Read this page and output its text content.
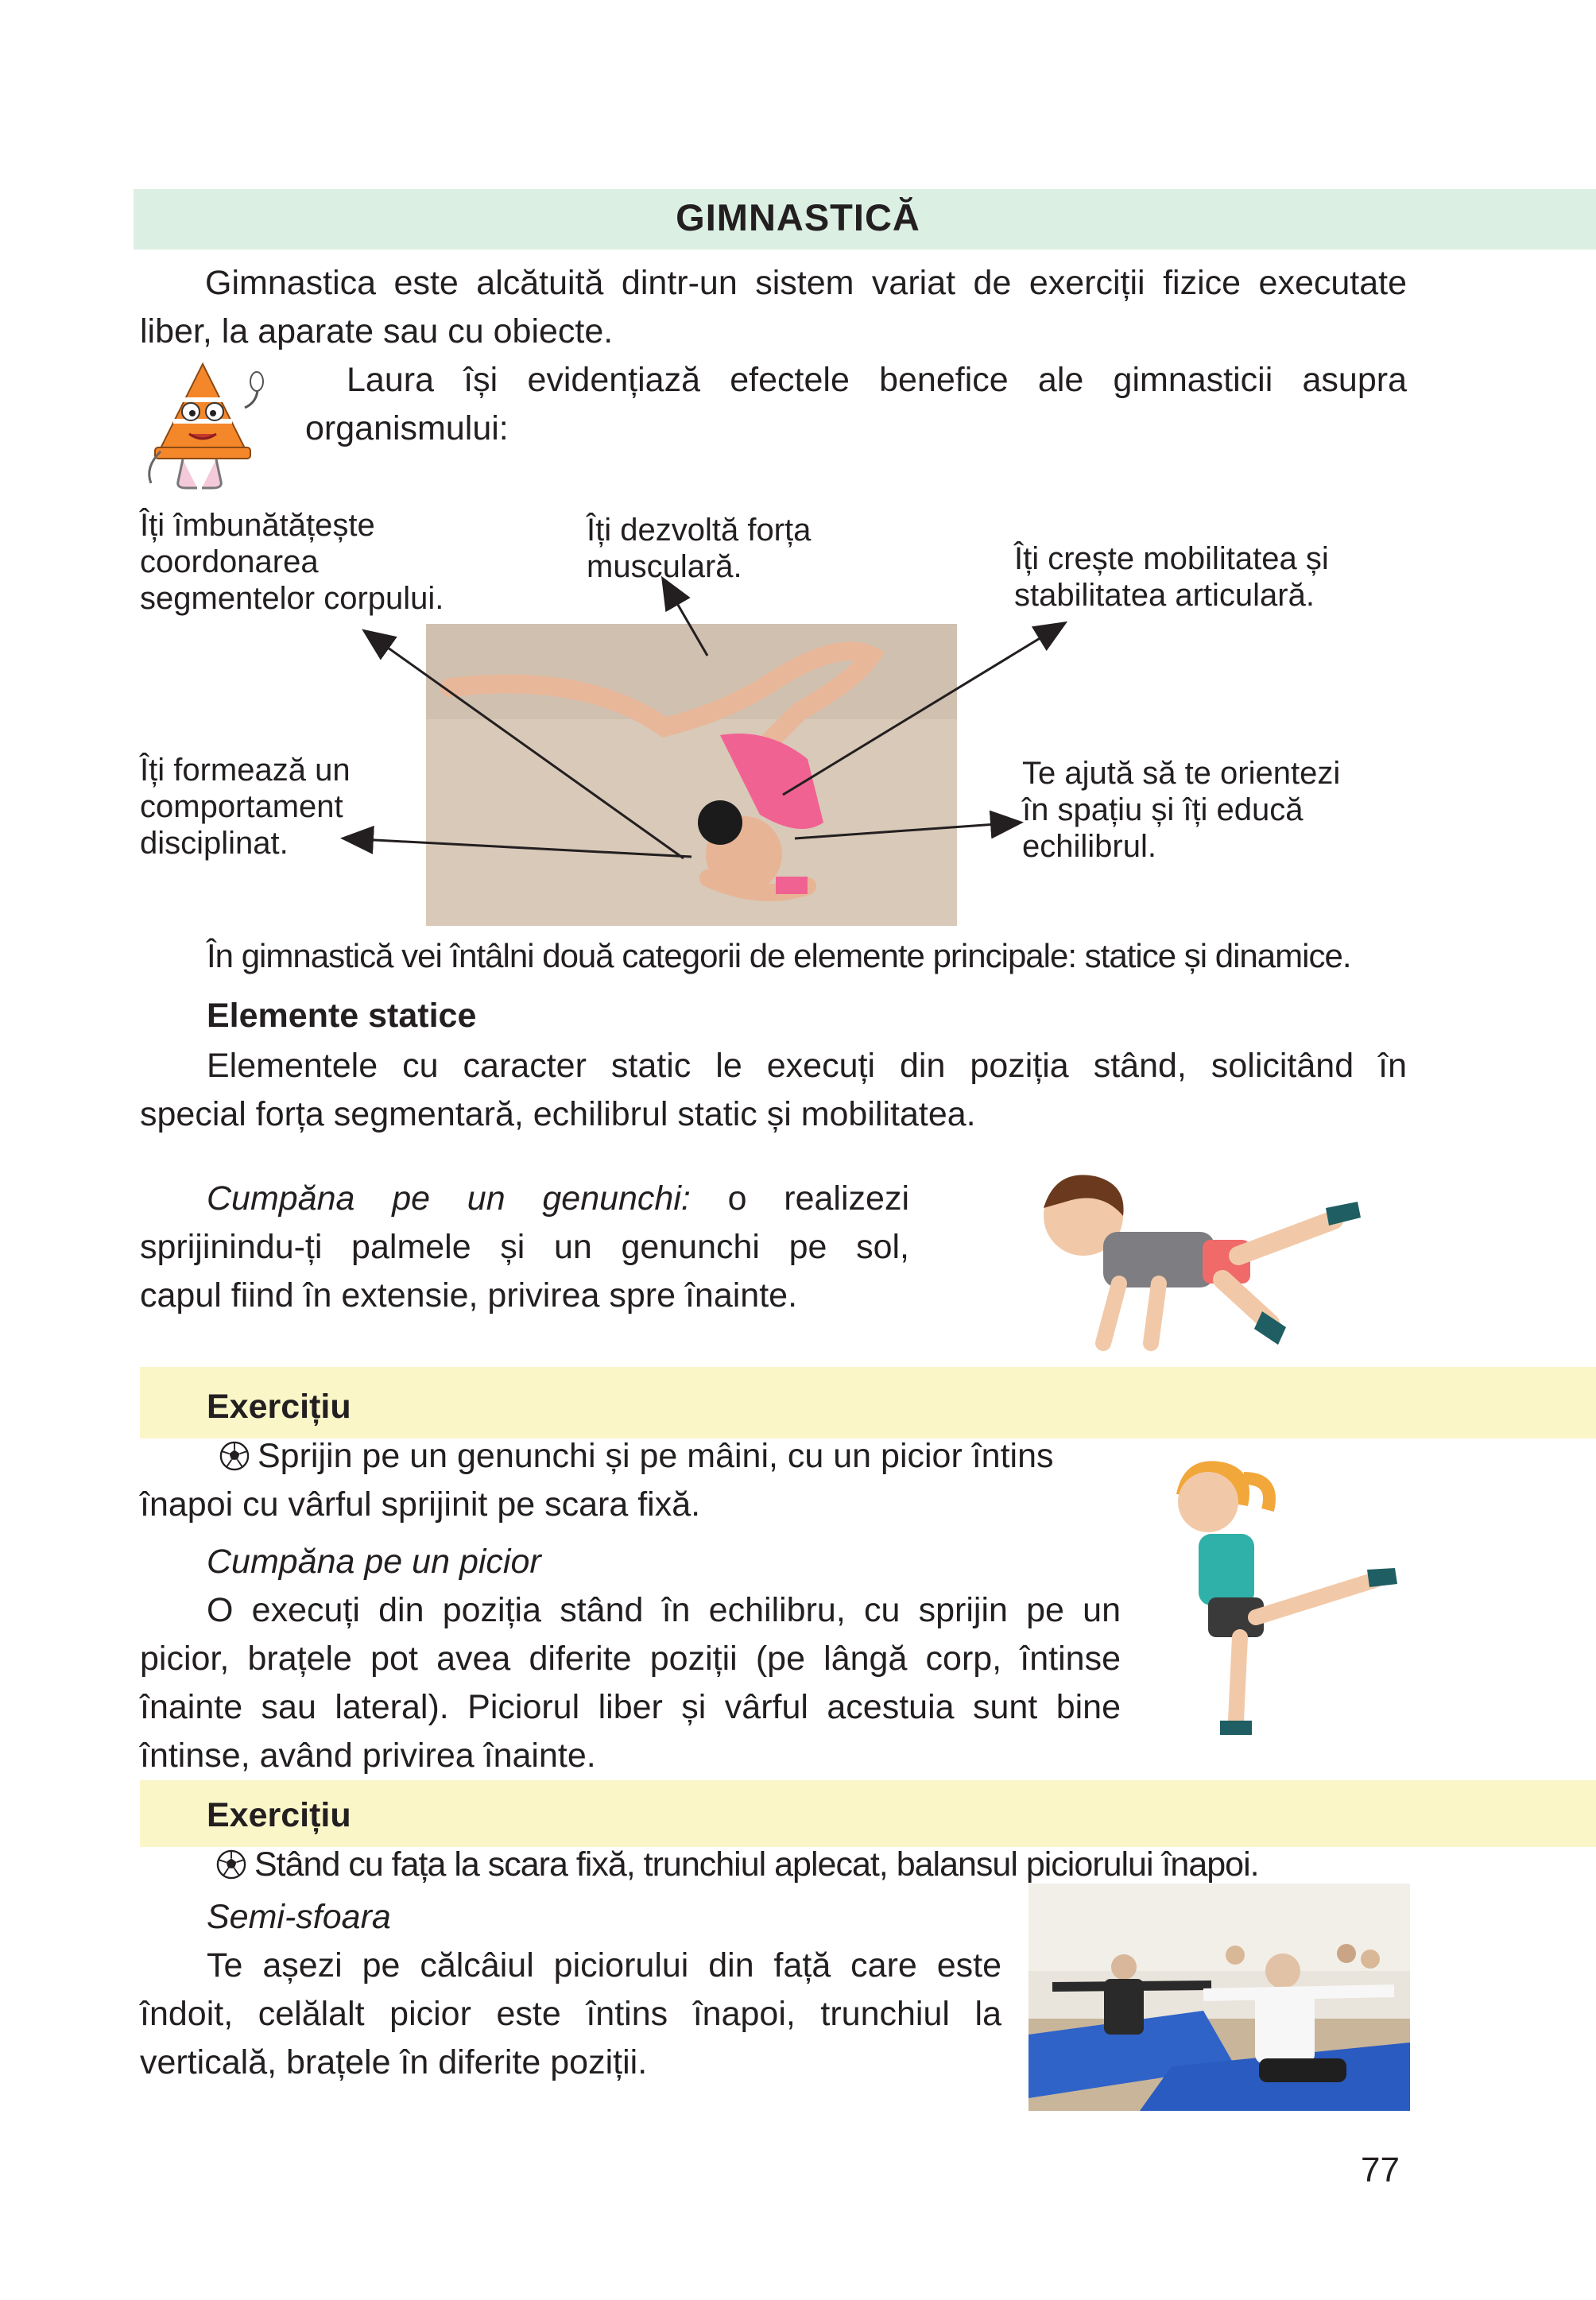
GIMNASTICĂ
Gimnastica este alcătuită dintr-un sistem variat de exerciții fizice executate
liber, la aparate sau cu obiecte.
Laura își evidențiază efectele benefice ale gimnasticii asupra
organismului:
Îți îmbunătățește
coordonarea
segmentelor corpului.
Îți dezvoltă forța
musculară.	Îți crește mobilitatea și
stabilitatea articulară.
Îți formează un
comportament
disciplinat.
Te ajută să te orientezi
în spațiu și îți educă
echilibrul.
În gimnastică vei întâlni două categorii de elemente principale: statice și dinamice.
Elemente statice
Elementele cu caracter static le execuți din poziția stând, solicitând în
special forța segmentară, echilibrul static și mobilitatea.
Cumpăna pe un genunchi: o realizezi
sprijinindu-ți palmele și un genunchi pe sol,
capul fiind în extensie, privirea spre înainte.
Exercițiu
Sprijin pe un genunchi și pe mâini, cu un picior întins
înapoi cu vârful sprijinit pe scara fixă.
Cumpăna pe un picior
O execuți din poziția stând în echilibru, cu sprijin pe un
picior, brațele pot avea diferite poziții (pe lângă corp, întinse
înainte sau lateral). Piciorul liber și vârful acestuia sunt bine
întinse, având privirea înainte.
Exercițiu
Stând cu fața la scara fixă, trunchiul aplecat, balansul piciorului înapoi.
Semi-sfoara
Te așezi pe călcâiul piciorului din față care este
îndoit, celălalt picior este întins înapoi, trunchiul la
verticală, brațele în diferite poziții.
77
